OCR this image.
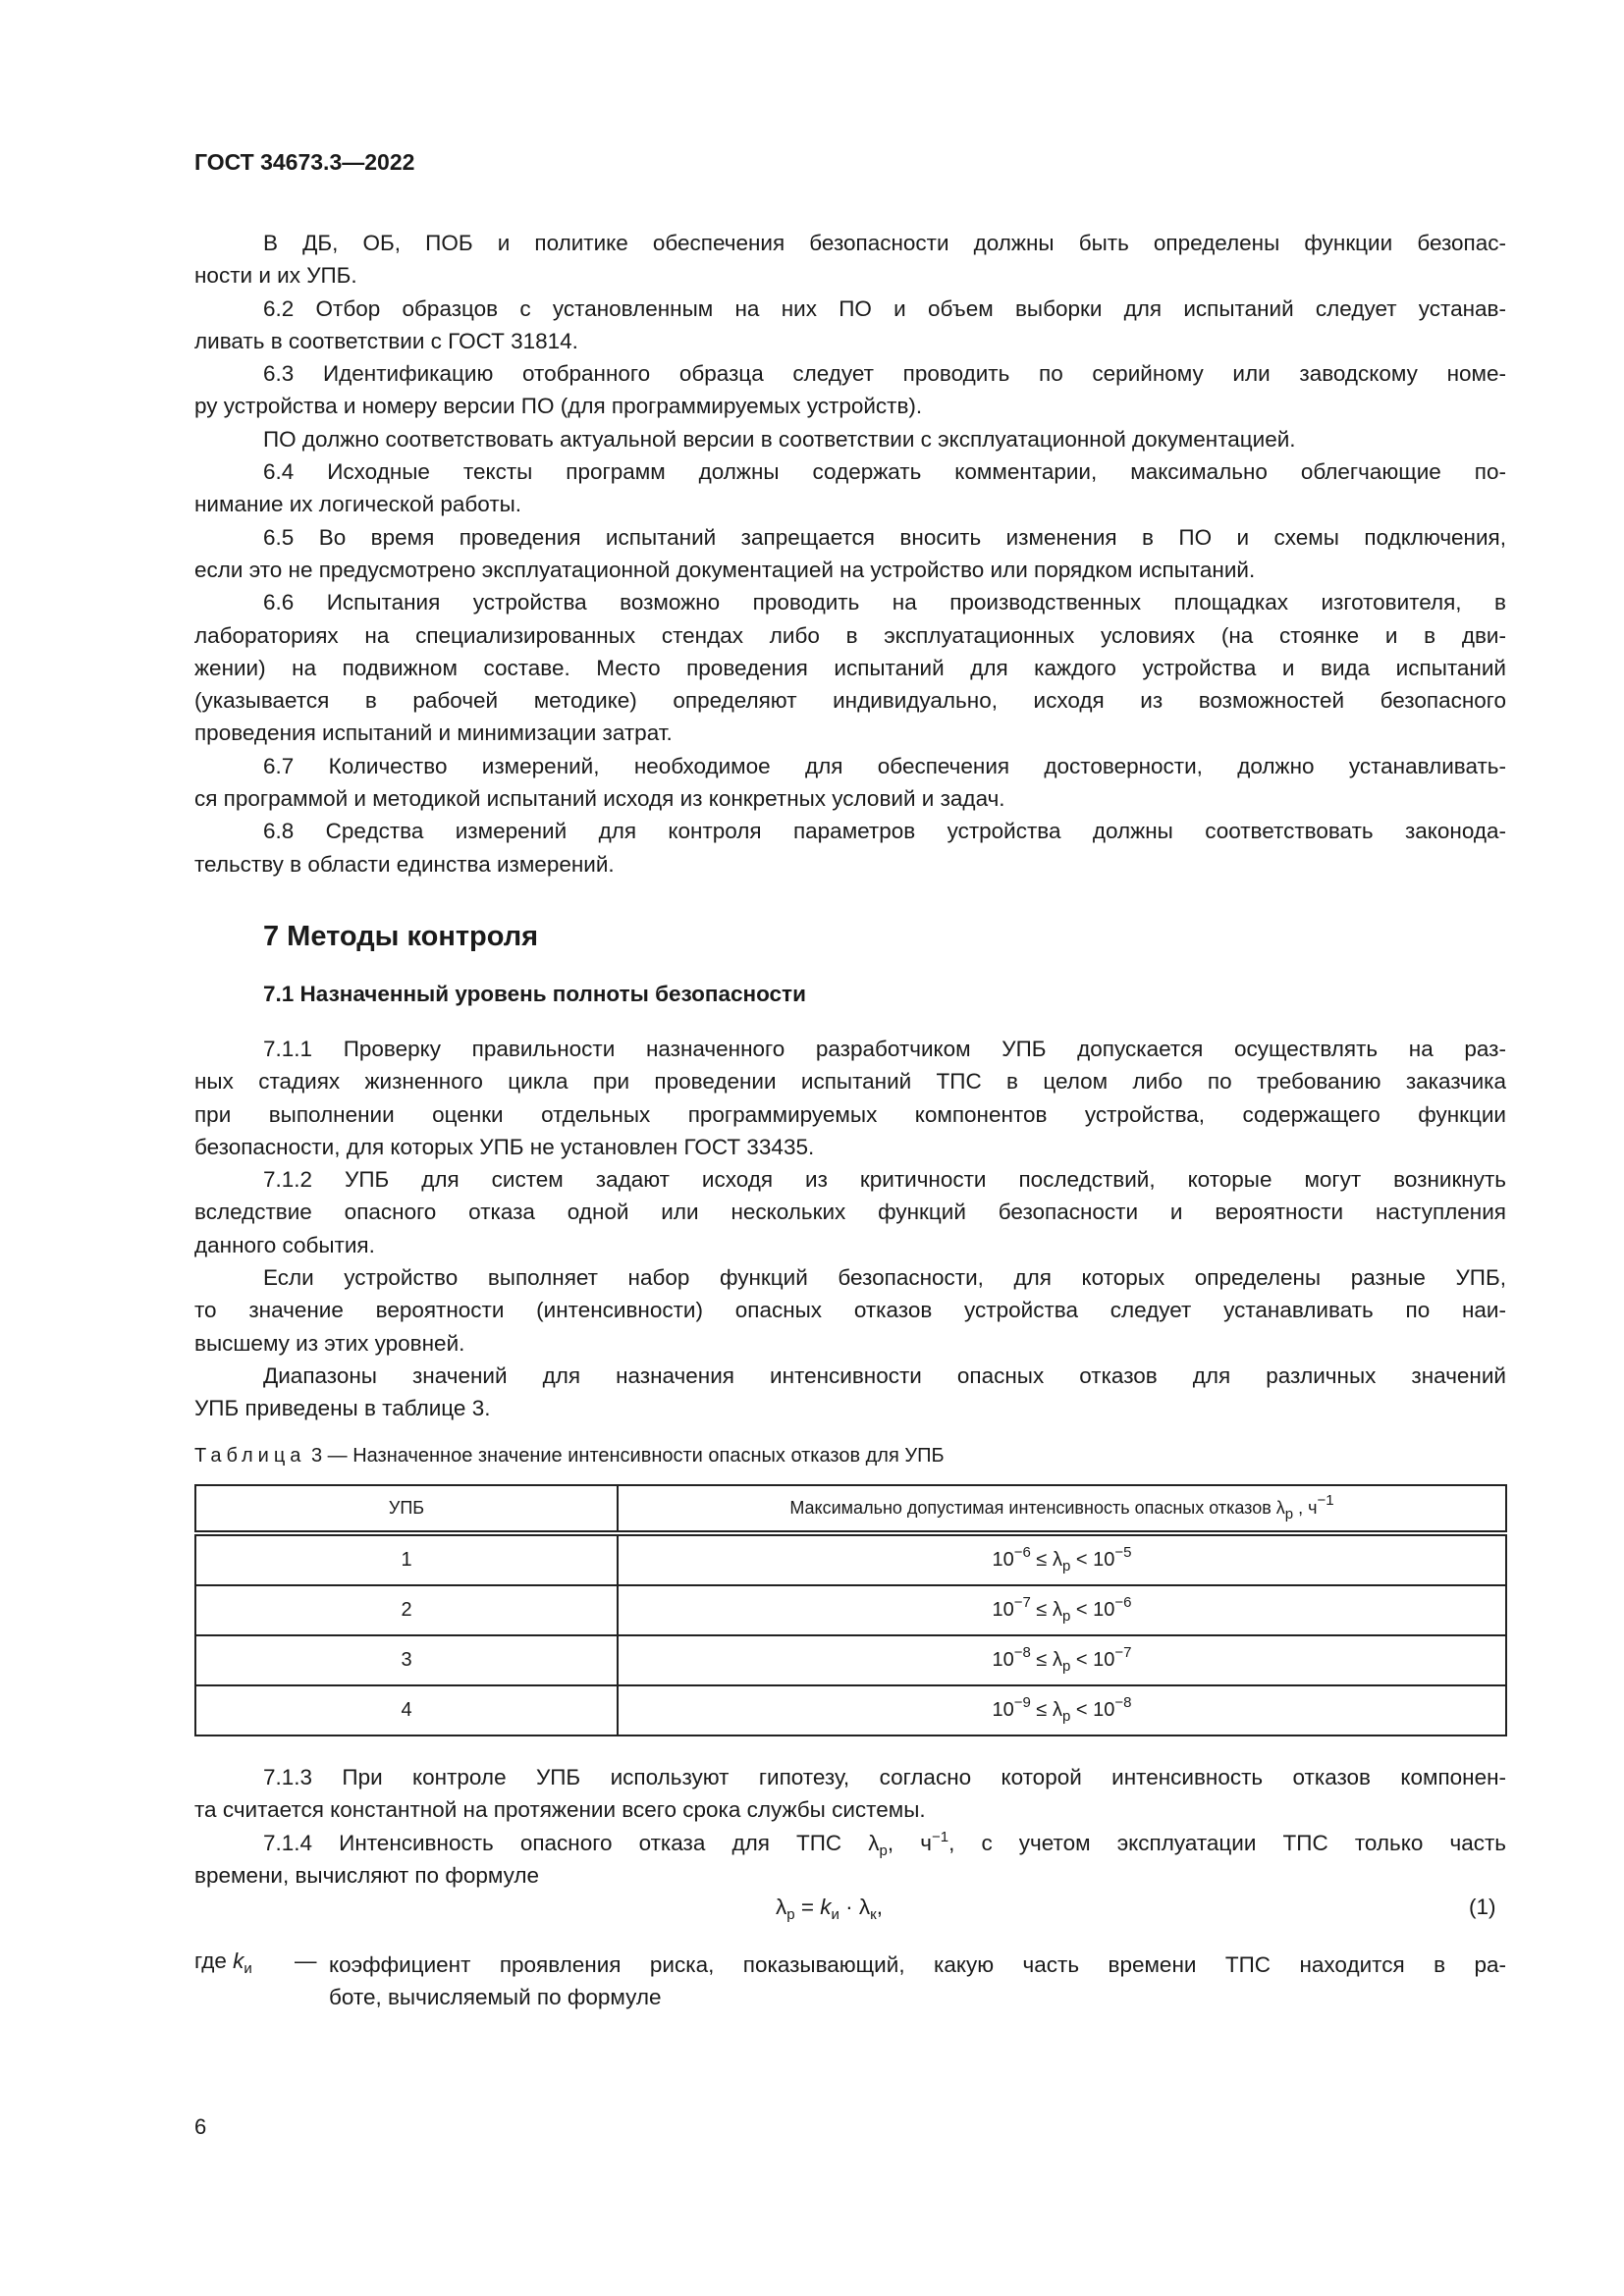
ГОСТ 34673.3—2022
В ДБ, ОБ, ПОБ и политике обеспечения безопасности должны быть определены функции безопас-
ности и их УПБ.
6.2 Отбор образцов с установленным на них ПО и объем выборки для испытаний следует устанав-
ливать в соответствии с ГОСТ 31814.
6.3 Идентификацию отобранного образца следует проводить по серийному или заводскому номе-
ру устройства и номеру версии ПО (для программируемых устройств).
ПО должно соответствовать актуальной версии в соответствии с эксплуатационной документацией.
6.4 Исходные тексты программ должны содержать комментарии, максимально облегчающие по-
нимание их логической работы.
6.5 Во время проведения испытаний запрещается вносить изменения в ПО и схемы подключения,
если это не предусмотрено эксплуатационной документацией на устройство или порядком испытаний.
6.6 Испытания устройства возможно проводить на производственных площадках изготовителя, в
лабораториях на специализированных стендах либо в эксплуатационных условиях (на стоянке и в дви-
жении) на подвижном составе. Место проведения испытаний для каждого устройства и вида испытаний
(указывается в рабочей методике) определяют индивидуально, исходя из возможностей безопасного
проведения испытаний и минимизации затрат.
6.7 Количество измерений, необходимое для обеспечения достоверности, должно устанавливать-
ся программой и методикой испытаний исходя из конкретных условий и задач.
6.8 Средства измерений для контроля параметров устройства должны соответствовать законода-
тельству в области единства измерений.
7 Методы контроля
7.1 Назначенный уровень полноты безопасности
7.1.1 Проверку правильности назначенного разработчиком УПБ допускается осуществлять на раз-
ных стадиях жизненного цикла при проведении испытаний ТПС в целом либо по требованию заказчика
при выполнении оценки отдельных программируемых компонентов устройства, содержащего функции
безопасности, для которых УПБ не установлен ГОСТ 33435.
7.1.2 УПБ для систем задают исходя из критичности последствий, которые могут возникнуть
вследствие опасного отказа одной или нескольких функций безопасности и вероятности наступления
данного события.
Если устройство выполняет набор функций безопасности, для которых определены разные УПБ,
то значение вероятности (интенсивности) опасных отказов устройства следует устанавливать по наи-
высшему из этих уровней.
Диапазоны значений для назначения интенсивности опасных отказов для различных значений
УПБ приведены в таблице 3.
Таблица 3 — Назначенное значение интенсивности опасных отказов для УПБ
УПБ	Максимально допустимая интенсивность опасных отказов $\lambda_р$ , $ч^{-1}$
1	$10^{-6} \le \lambda_р < 10^{-5}$
2	$10^{-7} \le \lambda_р < 10^{-6}$
3	$10^{-8} \le \lambda_р < 10^{-7}$
4	$10^{-9} \le \lambda_р < 10^{-8}$
7.1.3 При контроле УПБ используют гипотезу, согласно которой интенсивность отказов компонен-
та считается константной на протяжении всего срока службы системы.
7.1.4 Интенсивность опасного отказа для ТПС $\lambda_р$, $ч^{-1}$, с учетом эксплуатации ТПС только часть
времени, вычисляют по формуле
$\lambda_р = k_и \cdot \lambda_к$,	(1)
где $k_и$ — коэффициент проявления риска, показывающий, какую часть времени ТПС находится в ра-
боте, вычисляемый по формуле
6
